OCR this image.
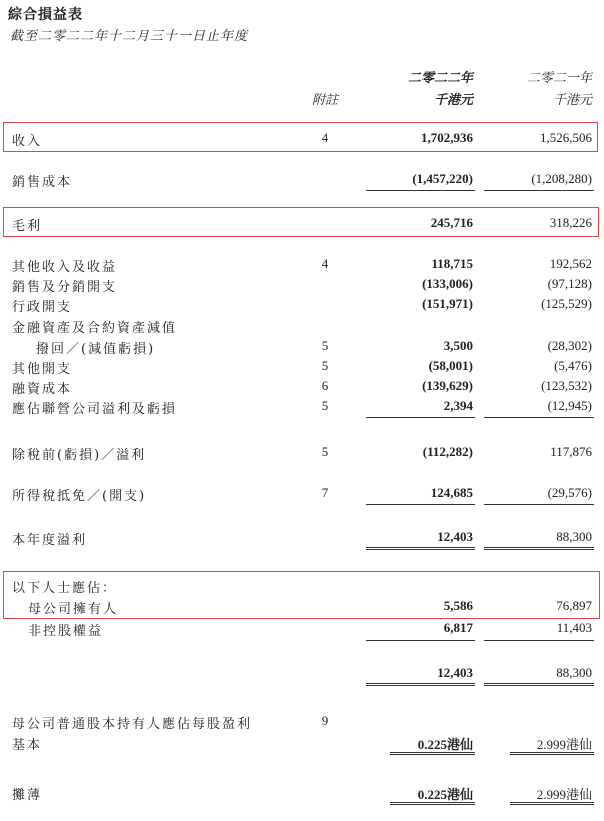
綜合損益表
截至二零二二年十二月三十一日止年度
附註
二零二二年	二零二一年
千港元	千港元
收入	4	1,702,936	1,526,506
銷售成本	(1,457,220)	(1,208,280)
毛利	245,716	318,226
其他收入及收益	4	118,715	192,562
銷售及分銷開支	(133,006)	(97,128)
行政開支	(151,971)	(125,529)
金融資產及合約資產減值
撥回／(減值虧損)	5	3,500	(28,302)
其他開支	5	(58,001)	(5,476)
融資成本	6	(139,629)	(123,532)
應佔聯營公司溢利及虧損	5	2,394	(12,945)
除稅前(虧損)／溢利	5	(112,282)	117,876
所得稅抵免／(開支)	7	124,685	(29,576)
本年度溢利	12,403	88,300
以下人士應佔：
母公司擁有人	5,586	76,897
非控股權益	6,817	11,403
12,403	88,300
母公司普通股本持有人應佔每股盈利	9
基本	0.225港仙	2.999港仙
攤薄	0.225港仙	2.999港仙
